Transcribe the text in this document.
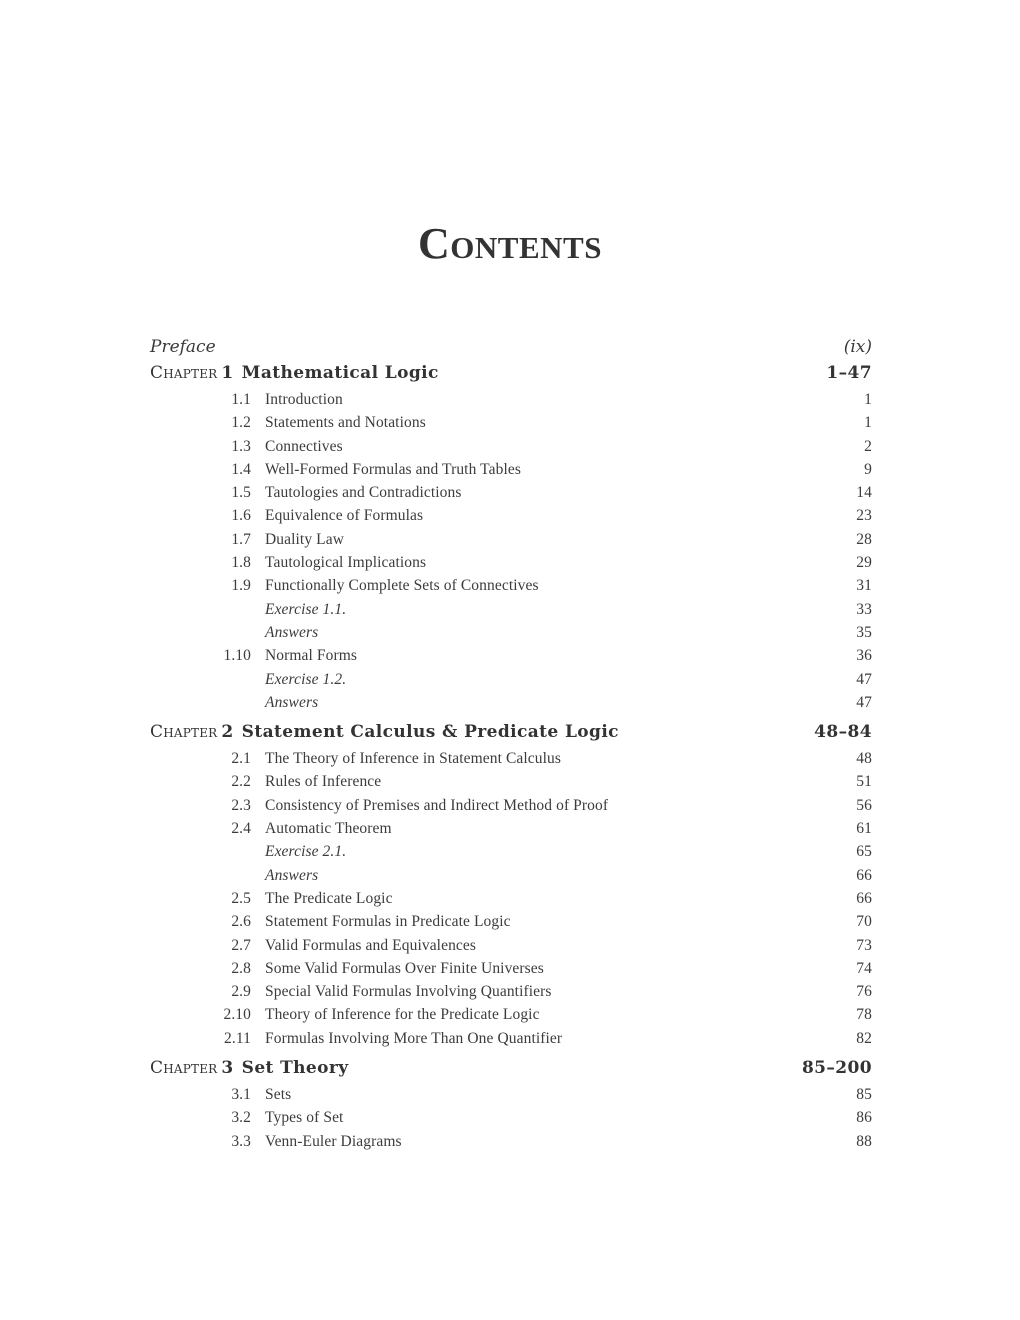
Contents
Preface	(ix)
Chapter 1 Mathematical Logic	1–47
1.1 Introduction	1
1.2 Statements and Notations	1
1.3 Connectives	2
1.4 Well-Formed Formulas and Truth Tables	9
1.5 Tautologies and Contradictions	14
1.6 Equivalence of Formulas	23
1.7 Duality Law	28
1.8 Tautological Implications	29
1.9 Functionally Complete Sets of Connectives	31
Exercise 1.1.	33
Answers	35
1.10 Normal Forms	36
Exercise 1.2.	47
Answers	47
Chapter 2 Statement Calculus & Predicate Logic	48–84
2.1 The Theory of Inference in Statement Calculus	48
2.2 Rules of Inference	51
2.3 Consistency of Premises and Indirect Method of Proof	56
2.4 Automatic Theorem	61
Exercise 2.1.	65
Answers	66
2.5 The Predicate Logic	66
2.6 Statement Formulas in Predicate Logic	70
2.7 Valid Formulas and Equivalences	73
2.8 Some Valid Formulas Over Finite Universes	74
2.9 Special Valid Formulas Involving Quantifiers	76
2.10 Theory of Inference for the Predicate Logic	78
2.11 Formulas Involving More Than One Quantifier	82
Chapter 3 Set Theory	85–200
3.1 Sets	85
3.2 Types of Set	86
3.3 Venn-Euler Diagrams	88
